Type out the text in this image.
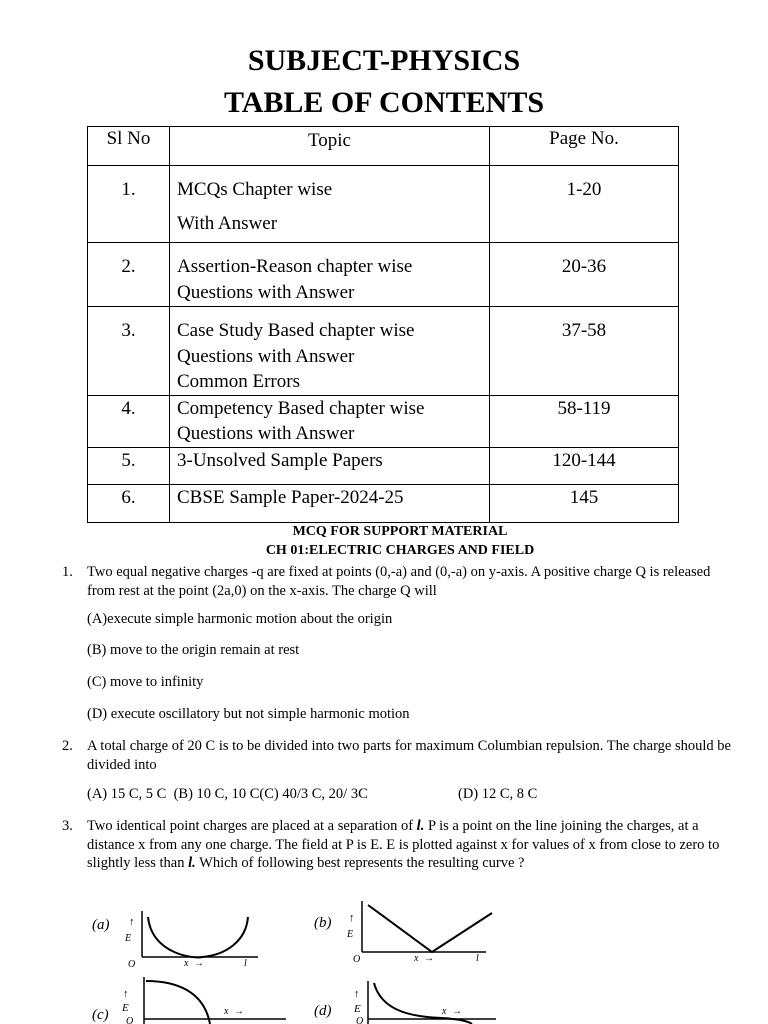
SUBJECT-PHYSICS
TABLE OF CONTENTS
Sl No	Topic	Page No.
1.	MCQs Chapter wise
With Answer	1-20
2.	Assertion-Reason chapter wise
Questions with Answer	20-36
3.	Case Study Based chapter wise
Questions with Answer
Common Errors	37-58
4.	Competency Based chapter wise
Questions with Answer	58-119
5.	3-Unsolved Sample Papers	120-144
6.	CBSE Sample Paper-2024-25	145
MCQ FOR SUPPORT MATERIAL
CH 01:ELECTRIC CHARGES AND FIELD
1. Two equal negative charges -q are fixed at points (0,-a) and (0,-a) on y-axis. A positive charge Q is released from rest at the point (2a,0) on the x-axis. The charge Q will
(A)execute simple harmonic motion about the origin
(B) move to the origin remain at rest
(C) move to infinity
(D) execute oscillatory but not simple harmonic motion
2. A total charge of 20 C is to be divided into two parts for maximum Columbian repulsion. The charge should be divided into
(A) 15 C, 5 C  (B) 10 C, 10 C(C) 40/3 C, 20/ 3C	(D) 12 C, 8 C
3. Two identical point charges are placed at a separation of l. P is a point on the line joining the charges, at a distance x from any one charge. The field at P is E. E is plotted against x for values of x from close to zero to slightly less than l. Which of following best represents the resulting curve ?
(a) ↑
E
O	x →	l
(b) ↑
E
O	x →	l
(c)
↑
E
O
x →	(d)
↑
E
O
x →
